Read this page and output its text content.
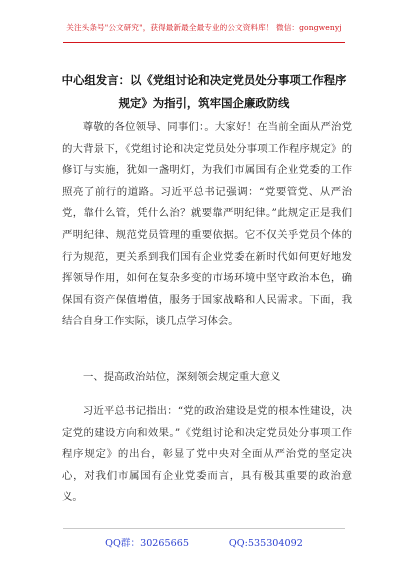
关注头条号"公文研究"，获得最新最全最专业的公文资料库！ 微信：gongwenyj
中心组发言：以《党组讨论和决定党员处分事项工作程序
规定》为指引，筑牢国企廉政防线

尊敬的各位领导、同事们：。大家好！在当前全面从严治党的大背景下，《党组讨论和决定党员处分事项工作程序规定》的修订与实施，犹如一盏明灯，为我们市属国有企业党委的工作照亮了前行的道路。习近平总书记强调：“党要管党、从严治党，靠什么管，凭什么治？就要靠严明纪律。”此规定正是我们严明纪律、规范党员管理的重要依据。它不仅关乎党员个体的行为规范，更关系到我们国有企业党委在新时代如何更好地发挥领导作用，如何在复杂多变的市场环境中坚守政治本色，确保国有资产保值增值，服务于国家战略和人民需求。下面，我结合自身工作实际，谈几点学习体会。

一、提高政治站位，深刻领会规定重大意义

习近平总书记指出：“党的政治建设是党的根本性建设，决定党的建设方向和效果。”《党组讨论和决定党员处分事项工作程序规定》的出台，彰显了党中央对全面从严治党的坚定决心，对我们市属国有企业党委而言，具有极其重要的政治意义。

QQ群：30265665	QQ:535304092
